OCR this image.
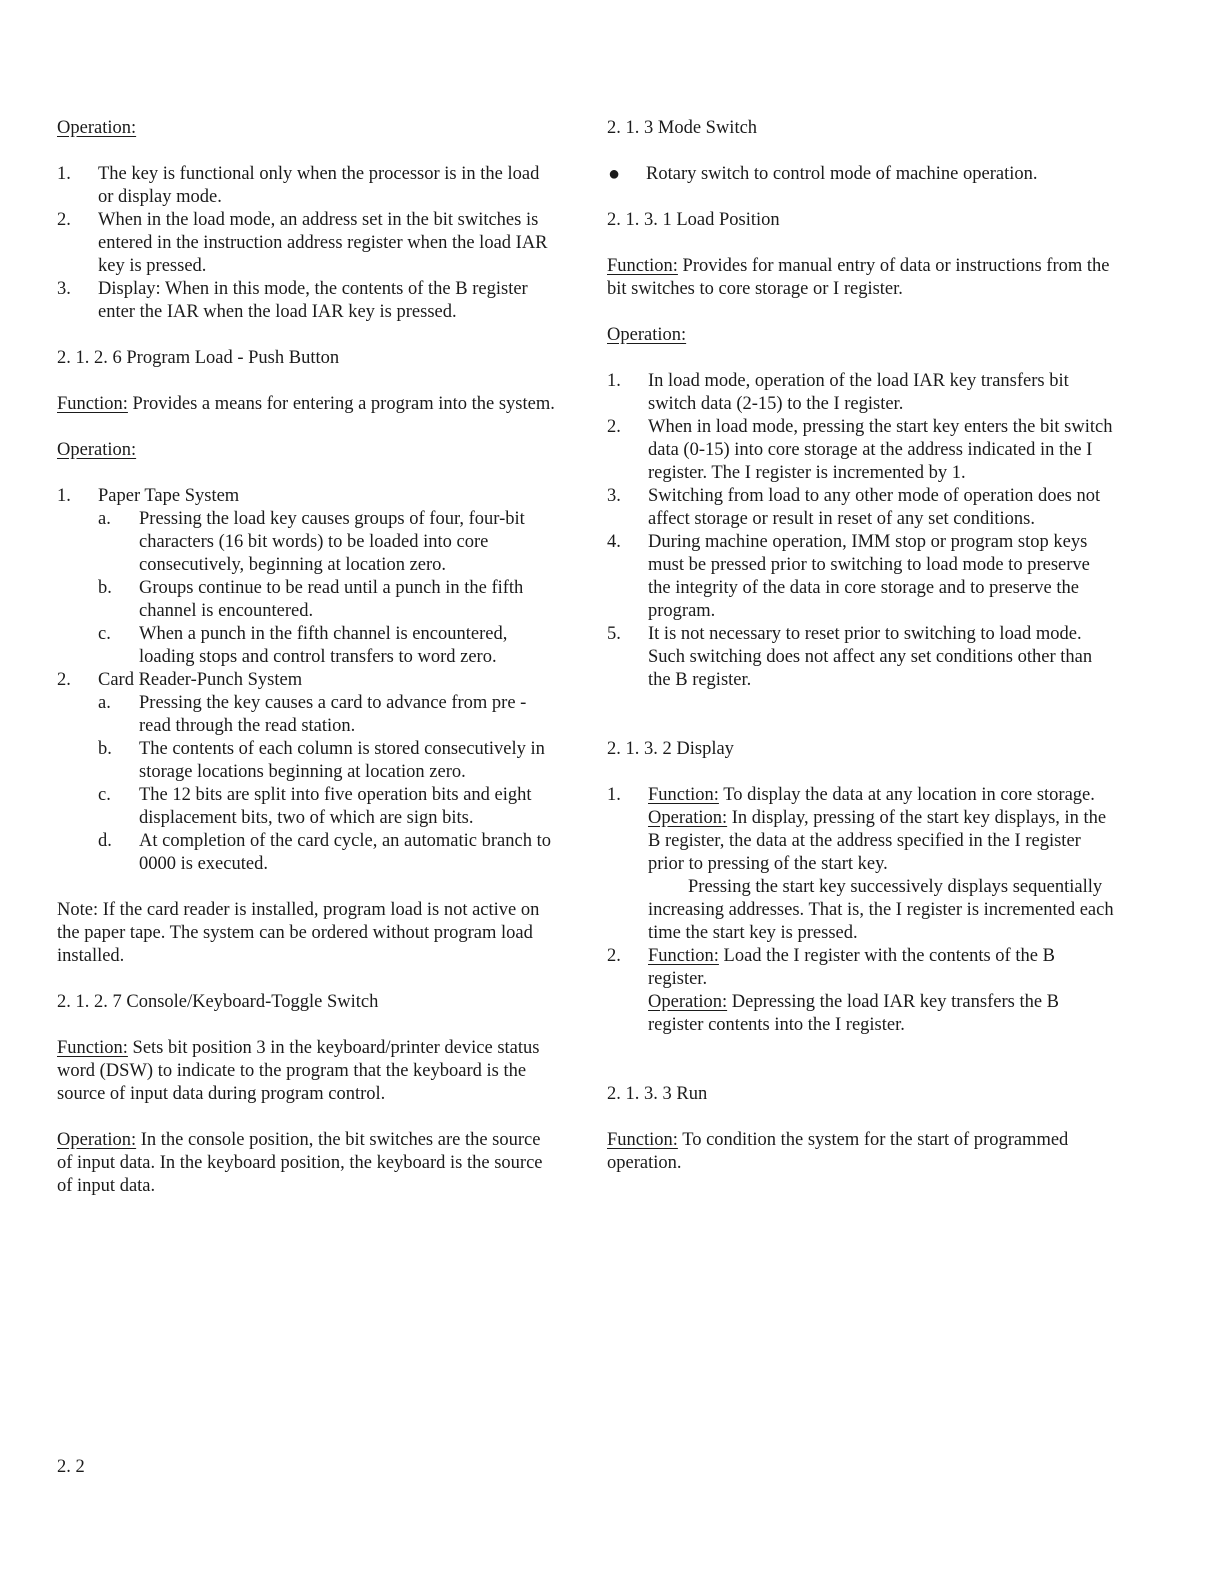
Operation:

1. The key is functional only when the processor is in the load or display mode.

2. When in the load mode, an address set in the bit switches is entered in the instruction address register when the load IAR key is pressed.

3. Display: When in this mode, the contents of the B register enter the IAR when the load IAR key is pressed.

2. 1. 2. 6 Program Load - Push Button

Function: Provides a means for entering a program into the system.

Operation:

1. Paper Tape System

a. Pressing the load key causes groups of four, four-bit characters (16 bit words) to be loaded into core consecutively, beginning at location zero.

b. Groups continue to be read until a punch in the fifth channel is encountered.

c. When a punch in the fifth channel is encountered, loading stops and control transfers to word zero.

2. Card Reader-Punch System

a. Pressing the key causes a card to advance from pre -read through the read station.

b. The contents of each column is stored consecutively in storage locations beginning at location zero.

c. The 12 bits are split into five operation bits and eight displacement bits, two of which are sign bits.

d. At completion of the card cycle, an automatic branch to 0000 is executed.

Note: If the card reader is installed, program load is not active on the paper tape. The system can be ordered without program load installed.

2. 1. 2. 7 Console/Keyboard-Toggle Switch

Function: Sets bit position 3 in the keyboard/printer device status word (DSW) to indicate to the program that the keyboard is the source of input data during program control.

Operation: In the console position, the bit switches are the source of input data. In the keyboard position, the keyboard is the source of input data.

2. 1. 3 Mode Switch

● Rotary switch to control mode of machine operation.

2. 1. 3. 1 Load Position

Function: Provides for manual entry of data or instructions from the bit switches to core storage or I register.

Operation:

1. In load mode, operation of the load IAR key transfers bit switch data (2-15) to the I register.

2. When in load mode, pressing the start key enters the bit switch data (0-15) into core storage at the address indicated in the I register. The I register is incremented by 1.

3. Switching from load to any other mode of operation does not affect storage or result in reset of any set conditions.

4. During machine operation, IMM stop or program stop keys must be pressed prior to switching to load mode to preserve the integrity of the data in core storage and to preserve the program.

5. It is not necessary to reset prior to switching to load mode. Such switching does not affect any set conditions other than the B register.

2. 1. 3. 2 Display

1. Function: To display the data at any location in core storage.

Operation: In display, pressing of the start key displays, in the B register, the data at the address specified in the I register prior to pressing of the start key.

Pressing the start key successively displays sequentially increasing addresses. That is, the I register is incremented each time the start key is pressed.

2. Function: Load the I register with the contents of the B register.

Operation: Depressing the load IAR key transfers the B register contents into the I register.

2. 1. 3. 3 Run

Function: To condition the system for the start of programmed operation.

2. 2
